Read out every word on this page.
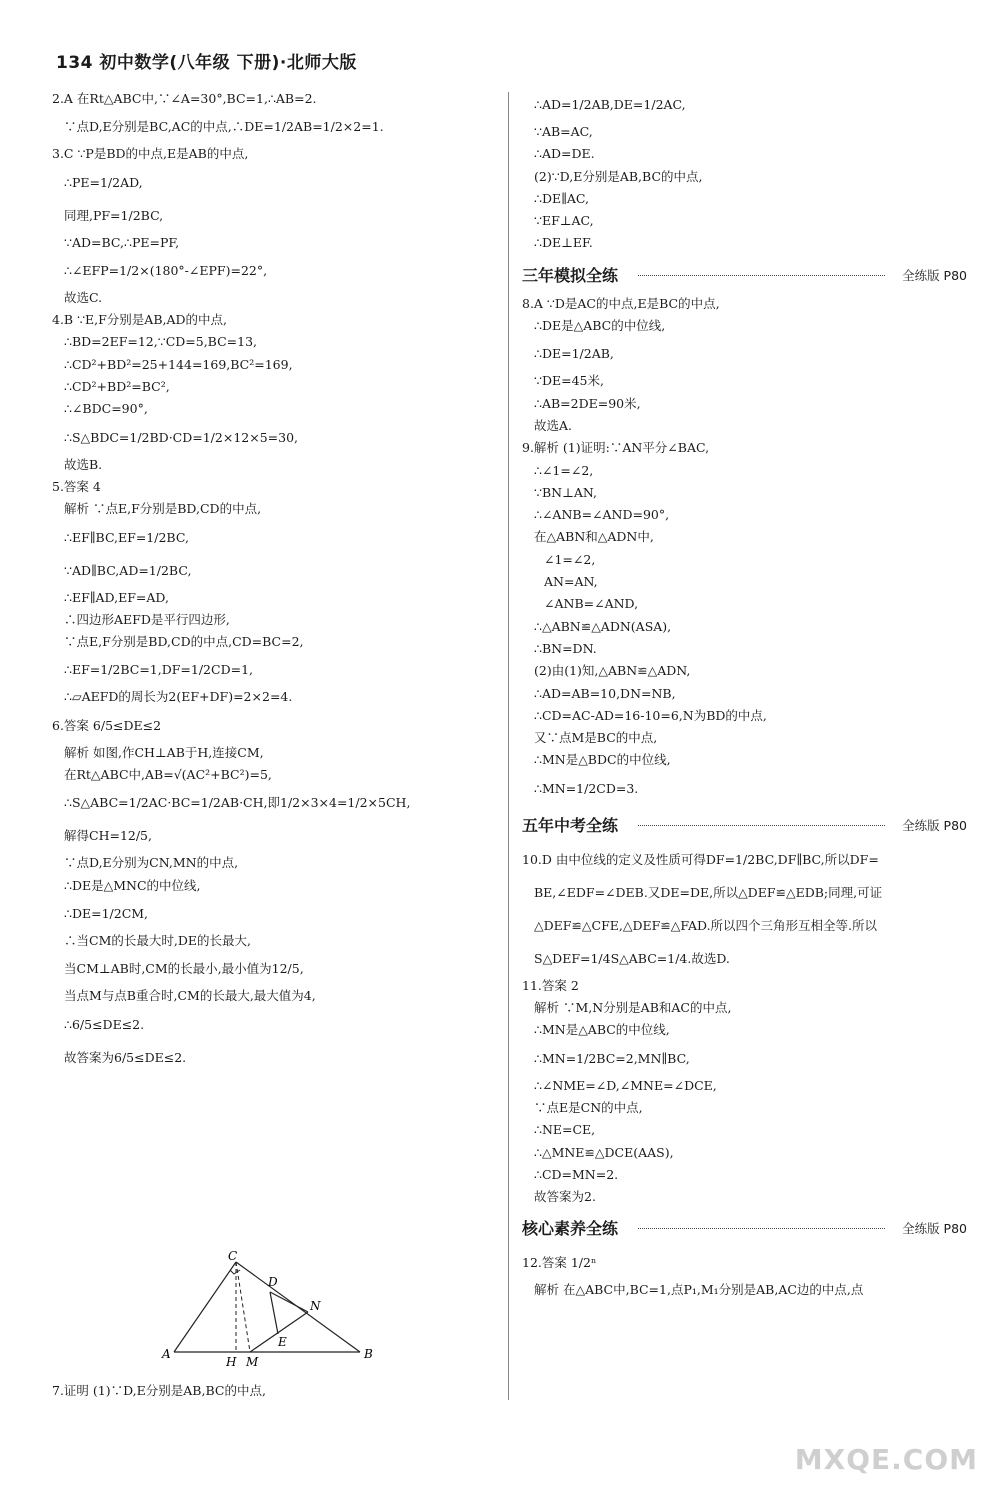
134 初中数学(八年级 下册)·北师大版
2.A 在Rt△ABC中,∵∠A=30°,BC=1,∴AB=2.
∵点D,E分别是BC,AC的中点,∴DE=1/2AB=1/2×2=1.
3.C ∵P是BD的中点,E是AB的中点,
∴PE=1/2AD,
同理,PF=1/2BC,
∵AD=BC,∴PE=PF,
∴∠EFP=1/2×(180°-∠EPF)=22°,
故选C.
4.B ∵E,F分别是AB,AD的中点,
∴BD=2EF=12,∵CD=5,BC=13,
∴CD²+BD²=25+144=169,BC²=169,
∴CD²+BD²=BC²,
∴∠BDC=90°,
∴S△BDC=1/2BD·CD=1/2×12×5=30,
故选B.
5.答案 4
解析 ∵点E,F分别是BD,CD的中点,
∴EF∥BC,EF=1/2BC,
∵AD∥BC,AD=1/2BC,
∴EF∥AD,EF=AD,
∴四边形AEFD是平行四边形,
∵点E,F分别是BD,CD的中点,CD=BC=2,
∴EF=1/2BC=1,DF=1/2CD=1,
∴▱AEFD的周长为2(EF+DF)=2×2=4.
6.答案 6/5≤DE≤2
解析 如图,作CH⊥AB于H,连接CM,
在Rt△ABC中,AB=√(AC²+BC²)=5,
∴S△ABC=1/2AC·BC=1/2AB·CH,即1/2×3×4=1/2×5CH,
解得CH=12/5,
∵点D,E分别为CN,MN的中点,
∴DE是△MNC的中位线,
∴DE=1/2CM,
∴当CM的长最大时,DE的长最大,
当CM⊥AB时,CM的长最小,最小值为12/5,
当点M与点B重合时,CM的长最大,最大值为4,
∴6/5≤DE≤2.
故答案为6/5≤DE≤2.
C
D
N
E
A
H M
B
7.证明 (1)∵D,E分别是AB,BC的中点,
∴AD=1/2AB,DE=1/2AC,
∵AB=AC,
∴AD=DE.
(2)∵D,E分别是AB,BC的中点,
∴DE∥AC,
∵EF⊥AC,
∴DE⊥EF.
三年模拟全练	全练版 P80
8.A ∵D是AC的中点,E是BC的中点,
∴DE是△ABC的中位线,
∴DE=1/2AB,
∵DE=45米,
∴AB=2DE=90米,
故选A.
9.解析 (1)证明:∵AN平分∠BAC,
∴∠1=∠2,
∵BN⊥AN,
∴∠ANB=∠AND=90°,
在△ABN和△ADN中,
∠1=∠2,
AN=AN,
∠ANB=∠AND,
∴△ABN≌△ADN(ASA),
∴BN=DN.
(2)由(1)知,△ABN≌△ADN,
∴AD=AB=10,DN=NB,
∴CD=AC-AD=16-10=6,N为BD的中点,
又∵点M是BC的中点,
∴MN是△BDC的中位线,
∴MN=1/2CD=3.
五年中考全练	全练版 P80
10.D 由中位线的定义及性质可得DF=1/2BC,DF∥BC,所以DF=
BE,∠EDF=∠DEB.又DE=DE,所以△DEF≌△EDB;同理,可证
△DEF≌△CFE,△DEF≌△FAD.所以四个三角形互相全等.所以
S△DEF=1/4S△ABC=1/4.故选D.
11.答案 2
解析 ∵M,N分别是AB和AC的中点,
∴MN是△ABC的中位线,
∴MN=1/2BC=2,MN∥BC,
∴∠NME=∠D,∠MNE=∠DCE,
∵点E是CN的中点,
∴NE=CE,
∴△MNE≌△DCE(AAS),
∴CD=MN=2.
故答案为2.
核心素养全练	全练版 P80
12.答案 1/2ⁿ
解析 在△ABC中,BC=1,点P₁,M₁分别是AB,AC边的中点,点
MXQE.COM
